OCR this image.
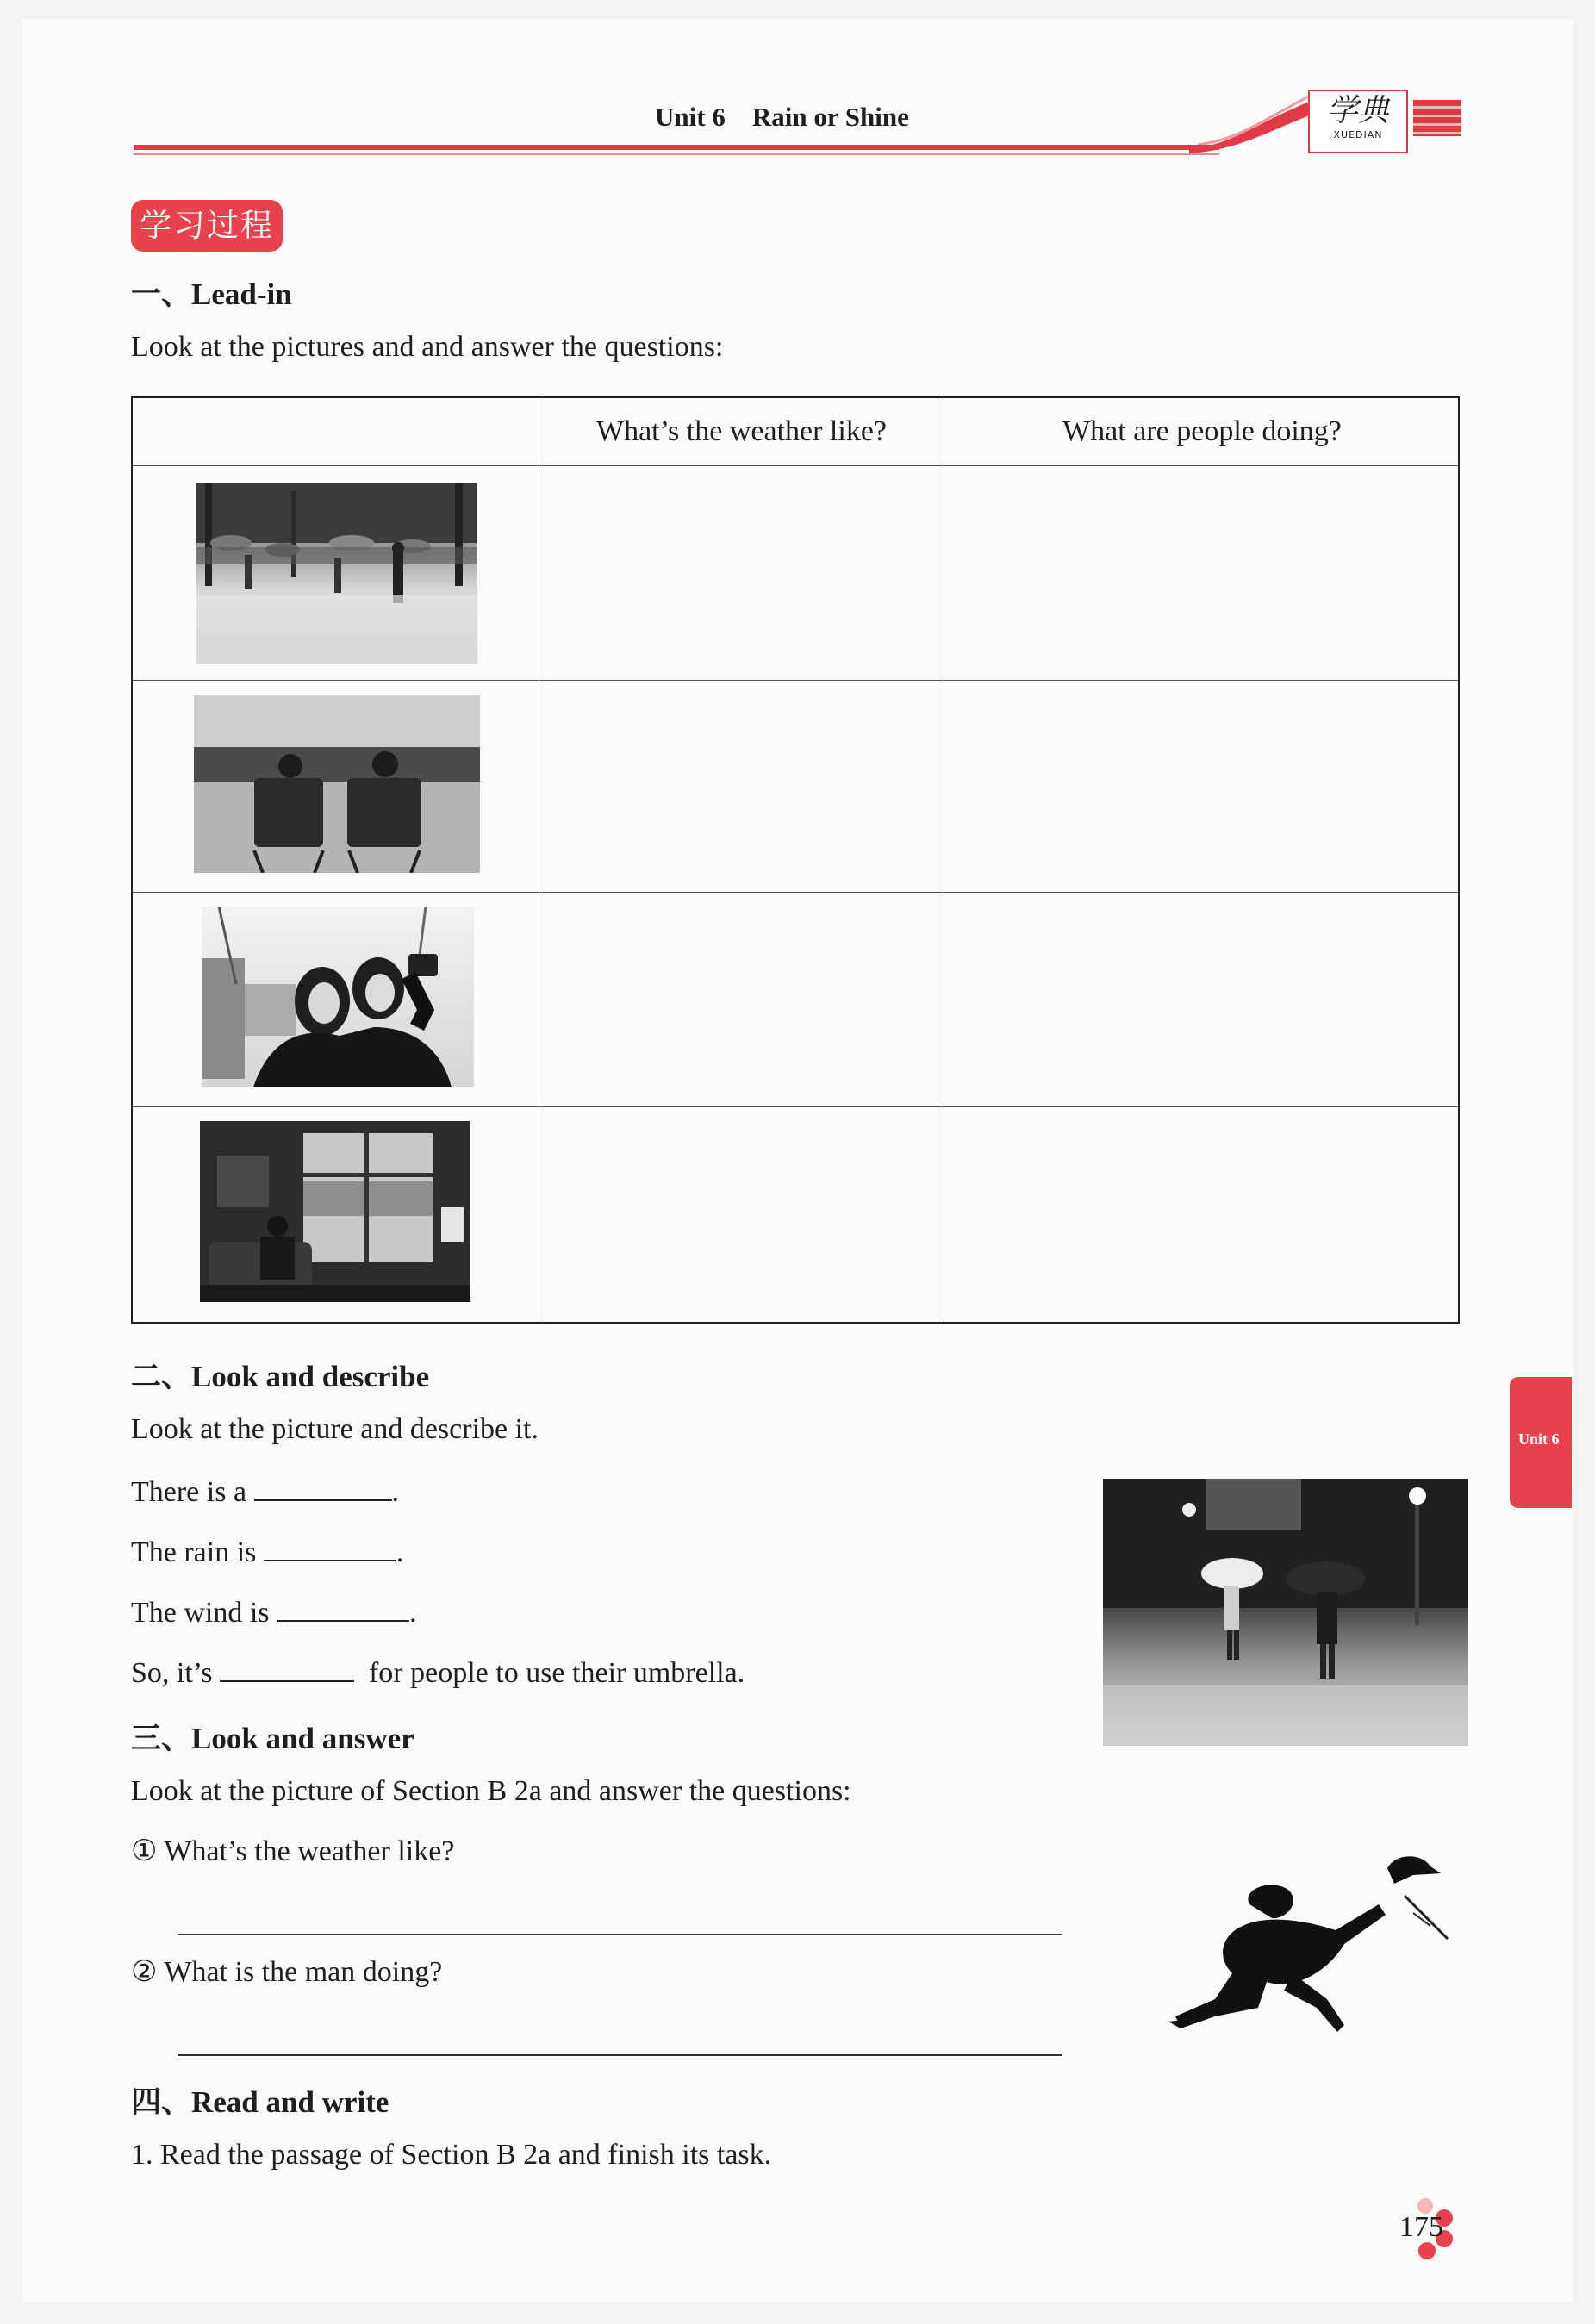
Unit 6 Rain or Shine	学典
XUEDIAN
学习过程
一、Lead-in
Look at the pictures and and answer the questions:
What’s the weather like?	What are people doing?
二、Look and describe
Look at the picture and describe it.
There is a	.
The rain is	.
The wind is	.
So, it’s	for people to use their umbrella.
三、Look and answer
Look at the picture of Section B 2a and answer the questions:
① What’s the weather like?
② What is the man doing?
四、Read and write
1. Read the passage of Section B 2a and finish its task.
Unit 6
175
